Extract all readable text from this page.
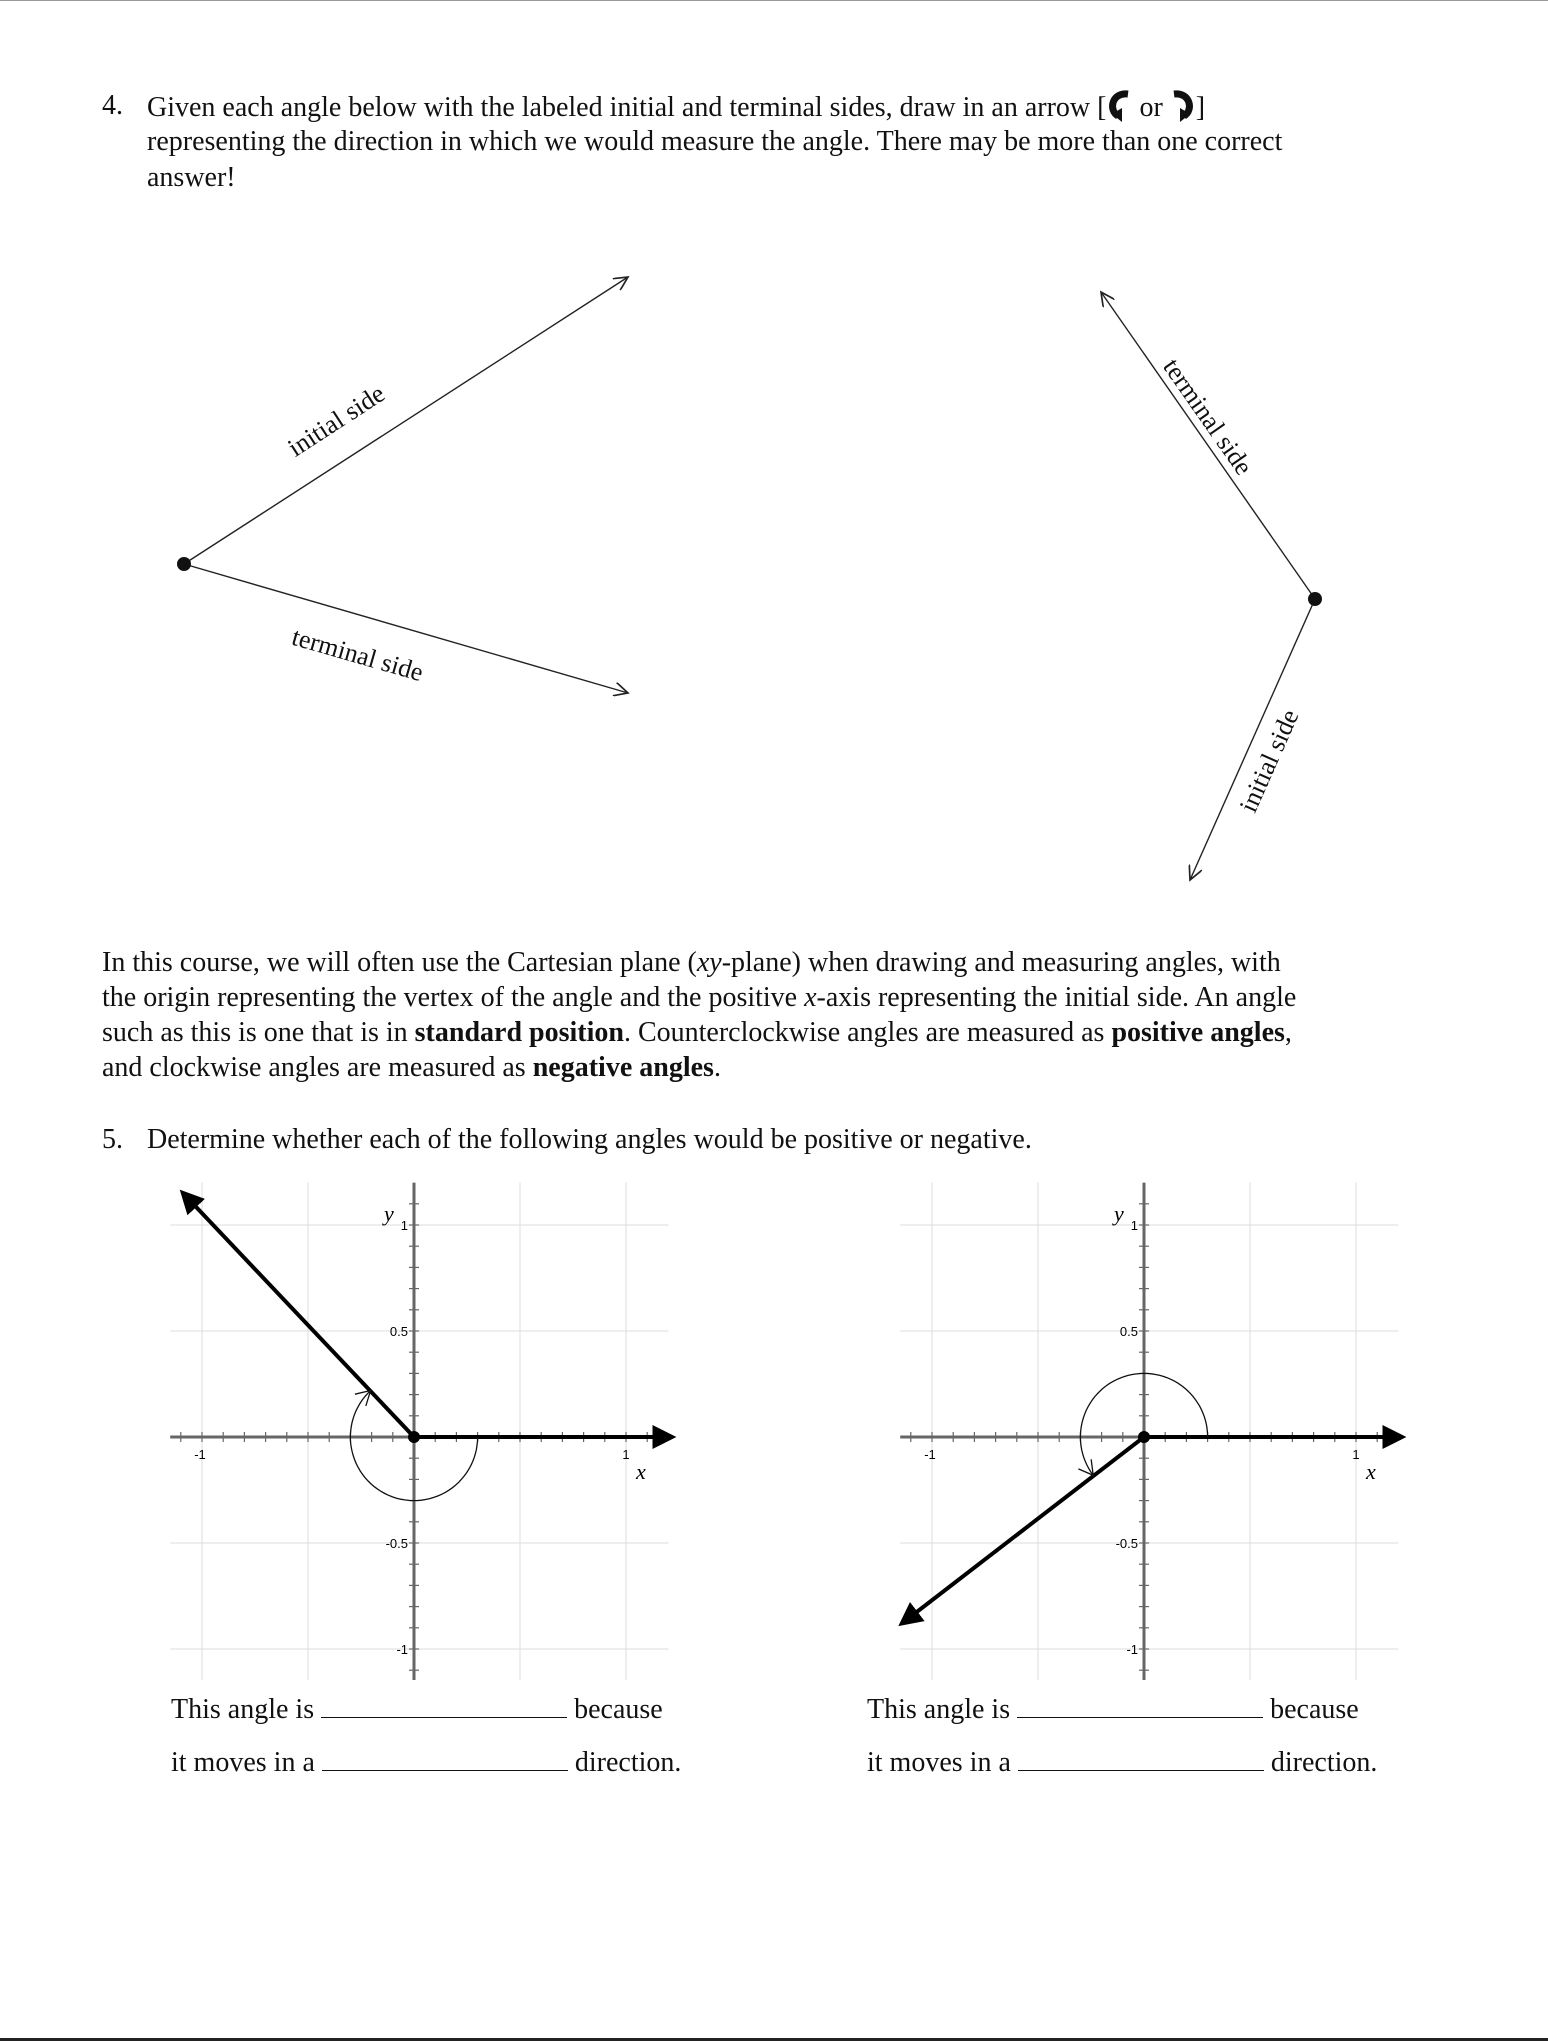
4. Given each angle below with the labeled initial and terminal sides, draw in an arrow [ or ]
representing the direction in which we would measure the angle. There may be more than one correct
answer!
initial side
terminal side
terminal side
initial side
In this course, we will often use the Cartesian plane (xy-plane) when drawing and measuring angles, with
the origin representing the vertex of the angle and the positive x-axis representing the initial side. An angle
such as this is one that is in standard position. Counterclockwise angles are measured as positive angles,
and clockwise angles are measured as negative angles.
5. Determine whether each of the following angles would be positive or negative.
-1	1
1
0.5
-0.5
-1
x
y
-1	1
1
0.5
-0.5
-1
x
y
This angle is	because
it moves in a	direction.
This angle is	because
it moves in a	direction.
